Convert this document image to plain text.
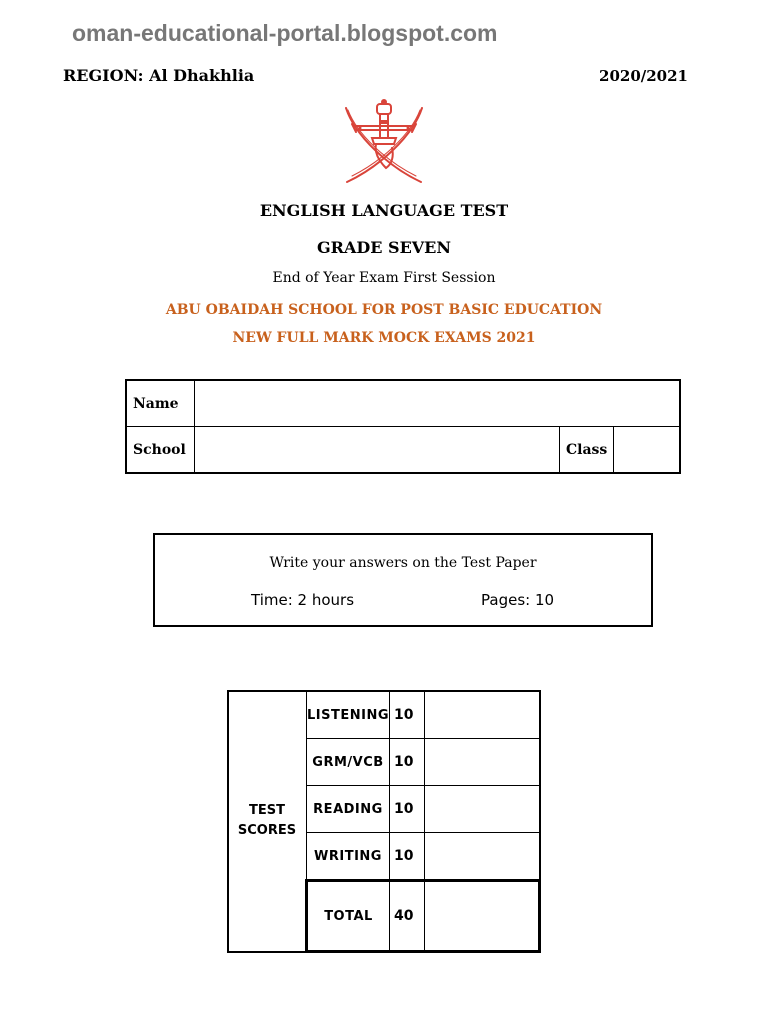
oman-educational-portal.blogspot.com
REGION: Al Dhakhlia	2020/2021
ENGLISH LANGUAGE TEST
GRADE SEVEN
End of Year Exam First Session
ABU OBAIDAH SCHOOL FOR POST BASIC EDUCATION
NEW FULL MARK MOCK EXAMS 2021
Name			
School		Class	
Write your answers on the Test Paper
Time: 2 hours	Pages: 10
TEST
SCORES	LISTENING	10	
	GRM/VCB	10	
	READING	10	
	WRITING	10	
	TOTAL	40	
